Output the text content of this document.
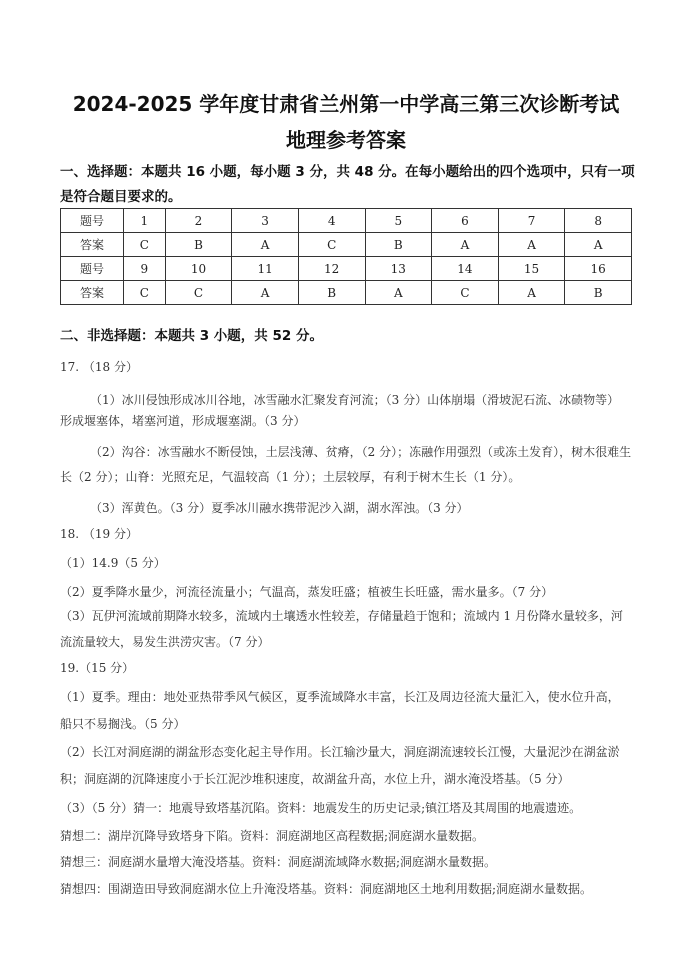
2024-2025 学年度甘肃省兰州第一中学高三第三次诊断考试
地理参考答案
一、选择题：本题共 16 小题，每小题 3 分，共 48 分。在每小题给出的四个选项中，只有一项
是符合题目要求的。
题号	1	2	3	4	5	6	7	8
答案	C	B	A	C	B	A	A	A
题号	9	10	11	12	13	14	15	16
答案	C	C	A	B	A	C	A	B
二、非选择题：本题共 3 小题，共 52 分。
17. （18 分）
（1）冰川侵蚀形成冰川谷地，冰雪融水汇聚发育河流；（3 分）山体崩塌（滑坡泥石流、冰碛物等）
形成堰塞体，堵塞河道，形成堰塞湖。（3 分）
（2）沟谷：冰雪融水不断侵蚀，土层浅薄、贫瘠，（2 分）；冻融作用强烈（或冻土发育），树木很难生
长（2 分）；山脊：光照充足，气温较高（1 分）；土层较厚，有利于树木生长（1 分）。
（3）浑黄色。（3 分）夏季冰川融水携带泥沙入湖，湖水浑浊。（3 分）
18. （19 分）
（1）14.9（5 分）
（2）夏季降水量少，河流径流量小；气温高，蒸发旺盛；植被生长旺盛，需水量多。（7 分）
（3）瓦伊河流域前期降水较多，流域内土壤透水性较差，存储量趋于饱和；流域内 1 月份降水量较多，河
流流量较大，易发生洪涝灾害。（7 分）
19.（15 分）
（1）夏季。理由：地处亚热带季风气候区，夏季流域降水丰富，长江及周边径流大量汇入，使水位升高，
船只不易搁浅。（5 分）
（2）长江对洞庭湖的湖盆形态变化起主导作用。长江输沙量大，洞庭湖流速较长江慢，大量泥沙在湖盆淤
积；洞庭湖的沉降速度小于长江泥沙堆积速度，故湖盆升高，水位上升，湖水淹没塔基。（5 分）
（3）（5 分）猜一：地震导致塔基沉陷。资料：地震发生的历史记录;镇江塔及其周围的地震遗迹。
猜想二：湖岸沉降导致塔身下陷。资料：洞庭湖地区高程数据;洞庭湖水量数据。
猜想三：洞庭湖水量增大淹没塔基。资料：洞庭湖流域降水数据;洞庭湖水量数据。
猜想四：围湖造田导致洞庭湖水位上升淹没塔基。资料：洞庭湖地区土地利用数据;洞庭湖水量数据。
